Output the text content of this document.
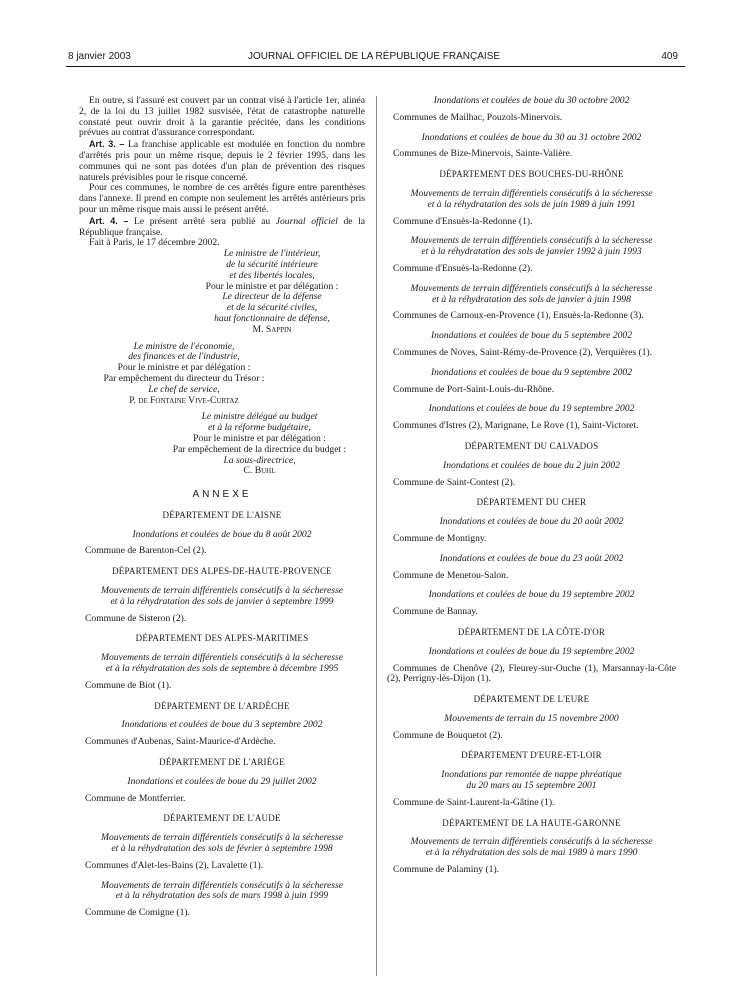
8 janvier 2003	JOURNAL OFFICIEL DE LA RÉPUBLIQUE FRANÇAISE	409

En outre, si l'assuré est couvert par un contrat visé à l'article 1er, alinéa 2, de la loi du 13 juillet 1982 susvisée, l'état de catastrophe naturelle constaté peut ouvrir droit à la garantie précitée, dans les conditions prévues au contrat d'assurance correspondant.

Art. 3. – La franchise applicable est modulée en fonction du nombre d'arrêtés pris pour un même risque, depuis le 2 février 1995, dans les communes qui ne sont pas dotées d'un plan de prévention des risques naturels prévisibles pour le risque concerné.

Pour ces communes, le nombre de ces arrêtés figure entre parenthèses dans l'annexe. Il prend en compte non seulement les arrêtés antérieurs pris pour un même risque mais aussi le présent arrêté.

Art. 4. – Le présent arrêté sera publié au Journal officiel de la République française.

Fait à Paris, le 17 décembre 2002.

Le ministre de l'intérieur,

de la sécurité intérieure

et des libertés locales,

Pour le ministre et par délégation :

Le directeur de la défense

et de la sécurité civiles,

haut fonctionnaire de défense,

M. Sappin

Le ministre de l'économie,

des finances et de l'industrie,

Pour le ministre et par délégation :

Par empêchement du directeur du Trésor :

Le chef de service,

P. de Fontaine Vive-Curtaz

Le ministre délégué au budget

et à la réforme budgétaire,

Pour le ministre et par délégation :

Par empêchement de la directrice du budget :

La sous-directrice,

C. Buhl

ANNEXE

DÉPARTEMENT DE L'AISNE

Inondations et coulées de boue du 8 août 2002

Commune de Barenton-Cel (2).

DÉPARTEMENT DES ALPES-DE-HAUTE-PROVENCE

Mouvements de terrain différentiels consécutifs à la sécheresse

et à la réhydratation des sols de janvier à septembre 1999

Commune de Sisteron (2).

DÉPARTEMENT DES ALPES-MARITIMES

Mouvements de terrain différentiels consécutifs à la sécheresse

et à la réhydratation des sols de septembre à décembre 1995

Commune de Biot (1).

DÉPARTEMENT DE L'ARDÈCHE

Inondations et coulées de boue du 3 septembre 2002

Communes d'Aubenas, Saint-Maurice-d'Ardèche.

DÉPARTEMENT DE L'ARIÈGE

Inondations et coulées de boue du 29 juillet 2002

Commune de Montferrier.

DÉPARTEMENT DE L'AUDE

Mouvements de terrain différentiels consécutifs à la sécheresse

et à la réhydratation des sols de février à septembre 1998

Communes d'Alet-les-Bains (2), Lavalette (1).

Mouvements de terrain différentiels consécutifs à la sécheresse

et à la réhydratation des sols de mars 1998 à juin 1999

Commune de Comigne (1).

Inondations et coulées de boue du 30 octobre 2002

Communes de Mailhac, Pouzols-Minervois.

Inondations et coulées de boue du 30 au 31 octobre 2002

Communes de Bize-Minervois, Sainte-Valière.

DÉPARTEMENT DES BOUCHES-DU-RHÔNE

Mouvements de terrain différentiels consécutifs à la sécheresse

et à la réhydratation des sols de juin 1989 à juin 1991

Commune d'Ensuès-la-Redonne (1).

Mouvements de terrain différentiels consécutifs à la sécheresse

et à la réhydratation des sols de janvier 1992 à juin 1993

Commune d'Ensuès-la-Redonne (2).

Mouvements de terrain différentiels consécutifs à la sécheresse

et à la réhydratation des sols de janvier à juin 1998

Communes de Carnoux-en-Provence (1), Ensuès-la-Redonne (3).

Inondations et coulées de boue du 5 septembre 2002

Communes de Noves, Saint-Rémy-de-Provence (2), Verquières (1).

Inondations et coulées de boue du 9 septembre 2002

Commune de Port-Saint-Louis-du-Rhône.

Inondations et coulées de boue du 19 septembre 2002

Communes d'Istres (2), Marignane, Le Rove (1), Saint-Victoret.

DÉPARTEMENT DU CALVADOS

Inondations et coulées de boue du 2 juin 2002

Commune de Saint-Contest (2).

DÉPARTEMENT DU CHER

Inondations et coulées de boue du 20 août 2002

Commune de Montigny.

Inondations et coulées de boue du 23 août 2002

Commune de Menetou-Salon.

Inondations et coulées de boue du 19 septembre 2002

Commune de Bannay.

DÉPARTEMENT DE LA CÔTE-D'OR

Inondations et coulées de boue du 19 septembre 2002

Communes de Chenôve (2), Fleurey-sur-Ouche (1), Marsannay-la-Côte (2), Perrigny-lès-Dijon (1).

DÉPARTEMENT DE L'EURE

Mouvements de terrain du 15 novembre 2000

Commune de Bouquetot (2).

DÉPARTEMENT D'EURE-ET-LOIR

Inondations par remontée de nappe phréatique

du 20 mars au 15 septembre 2001

Commune de Saint-Laurent-la-Gâtine (1).

DÉPARTEMENT DE LA HAUTE-GARONNE

Mouvements de terrain différentiels consécutifs à la sécheresse

et à la réhydratation des sols de mai 1989 à mars 1990

Commune de Palaminy (1).
